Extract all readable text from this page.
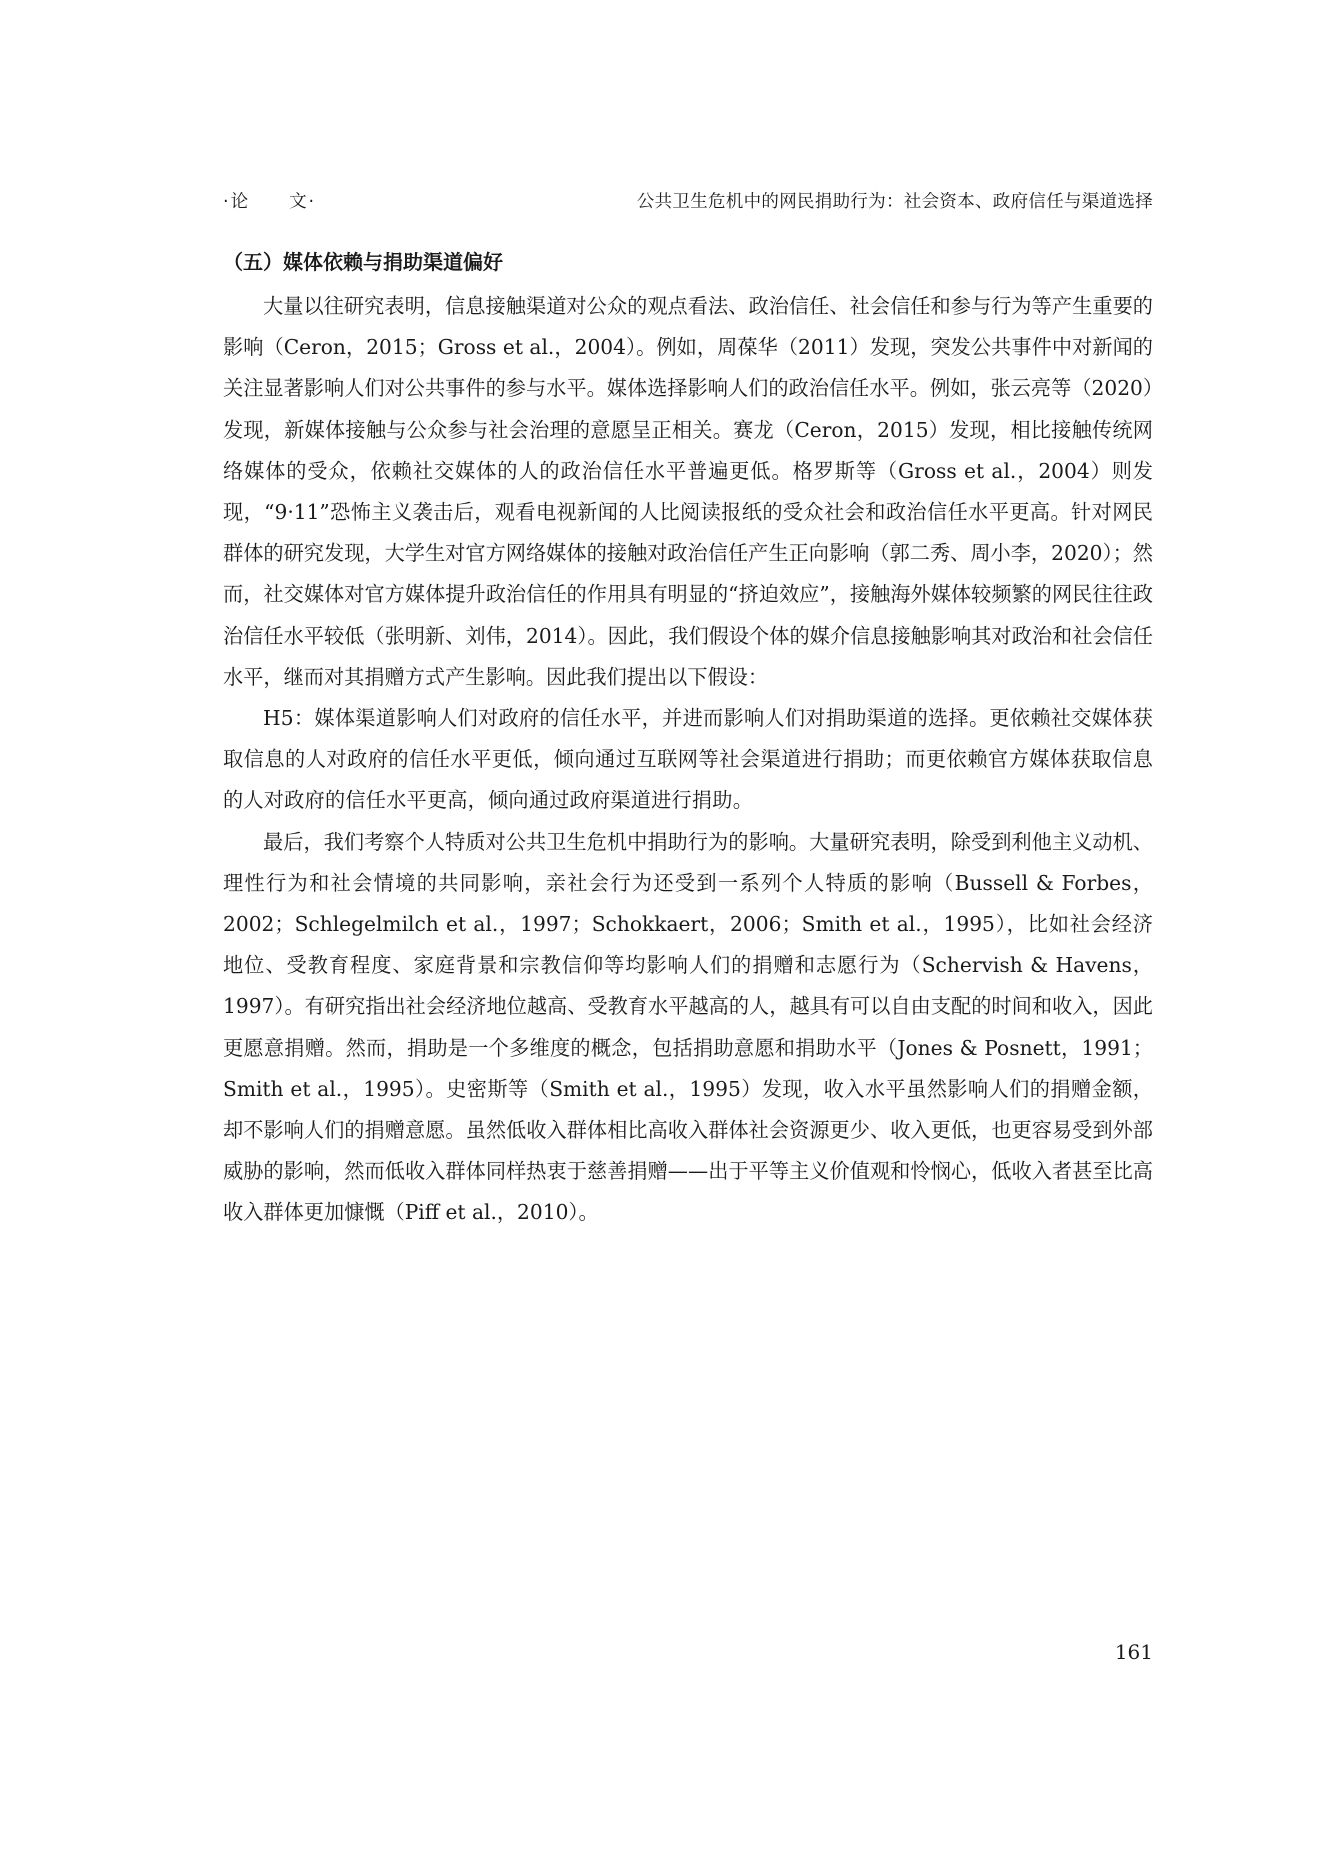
·论　　文·	公共卫生危机中的网民捐助行为：社会资本、政府信任与渠道选择
（五）媒体依赖与捐助渠道偏好

大量以往研究表明，信息接触渠道对公众的观点看法、政治信任、社会信任和参与行为等产生重要的影响（Ceron，2015；Gross et al.，2004）。例如，周葆华（2011）发现，突发公共事件中对新闻的关注显著影响人们对公共事件的参与水平。媒体选择影响人们的政治信任水平。例如，张云亮等（2020）发现，新媒体接触与公众参与社会治理的意愿呈正相关。赛龙（Ceron，2015）发现，相比接触传统网络媒体的受众，依赖社交媒体的人的政治信任水平普遍更低。格罗斯等（Gross et al.，2004）则发现，“9·11”恐怖主义袭击后，观看电视新闻的人比阅读报纸的受众社会和政治信任水平更高。针对网民群体的研究发现，大学生对官方网络媒体的接触对政治信任产生正向影响（郭二秀、周小李，2020）；然而，社交媒体对官方媒体提升政治信任的作用具有明显的“挤迫效应”，接触海外媒体较频繁的网民往往政治信任水平较低（张明新、刘伟，2014）。因此，我们假设个体的媒介信息接触影响其对政治和社会信任水平，继而对其捐赠方式产生影响。因此我们提出以下假设：

H5：媒体渠道影响人们对政府的信任水平，并进而影响人们对捐助渠道的选择。更依赖社交媒体获取信息的人对政府的信任水平更低，倾向通过互联网等社会渠道进行捐助；而更依赖官方媒体获取信息的人对政府的信任水平更高，倾向通过政府渠道进行捐助。

最后，我们考察个人特质对公共卫生危机中捐助行为的影响。大量研究表明，除受到利他主义动机、理性行为和社会情境的共同影响，亲社会行为还受到一系列个人特质的影响（Bussell & Forbes，2002；Schlegelmilch et al.，1997；Schokkaert，2006；Smith et al.，1995），比如社会经济地位、受教育程度、家庭背景和宗教信仰等均影响人们的捐赠和志愿行为（Schervish & Havens，1997）。有研究指出社会经济地位越高、受教育水平越高的人，越具有可以自由支配的时间和收入，因此更愿意捐赠。然而，捐助是一个多维度的概念，包括捐助意愿和捐助水平（Jones & Posnett，1991；Smith et al.，1995）。史密斯等（Smith et al.，1995）发现，收入水平虽然影响人们的捐赠金额，却不影响人们的捐赠意愿。虽然低收入群体相比高收入群体社会资源更少、收入更低，也更容易受到外部威胁的影响，然而低收入群体同样热衷于慈善捐赠——出于平等主义价值观和怜悯心，低收入者甚至比高收入群体更加慷慨（Piff et al.，2010）。

161
